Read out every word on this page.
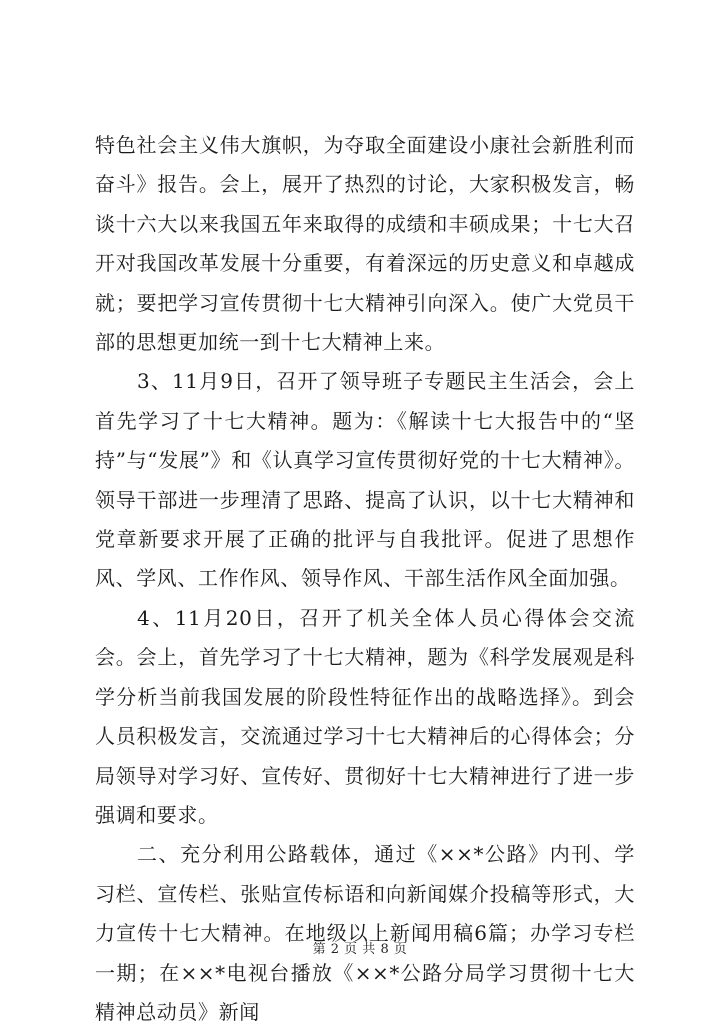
特色社会主义伟大旗帜，为夺取全面建设小康社会新胜利而奋斗》报告。会上，展开了热烈的讨论，大家积极发言，畅谈十六大以来我国五年来取得的成绩和丰硕成果；十七大召开对我国改革发展十分重要，有着深远的历史意义和卓越成就；要把学习宣传贯彻十七大精神引向深入。使广大党员干部的思想更加统一到十七大精神上来。

3、11月9日，召开了领导班子专题民主生活会，会上首先学习了十七大精神。题为：《解读十七大报告中的“坚持”与“发展”》和《认真学习宣传贯彻好党的十七大精神》。领导干部进一步理清了思路、提高了认识，以十七大精神和党章新要求开展了正确的批评与自我批评。促进了思想作风、学风、工作作风、领导作风、干部生活作风全面加强。

4、11月20日，召开了机关全体人员心得体会交流会。会上，首先学习了十七大精神，题为《科学发展观是科学分析当前我国发展的阶段性特征作出的战略选择》。到会人员积极发言，交流通过学习十七大精神后的心得体会；分局领导对学习好、宣传好、贯彻好十七大精神进行了进一步强调和要求。

二、充分利用公路载体，通过《××*公路》内刊、学习栏、宣传栏、张贴宣传标语和向新闻媒介投稿等形式，大力宣传十七大精神。在地级以上新闻用稿6篇；办学习专栏一期；在××*电视台播放《××*公路分局学习贯彻十七大精神总动员》新闻

第 2 页 共 8 页
